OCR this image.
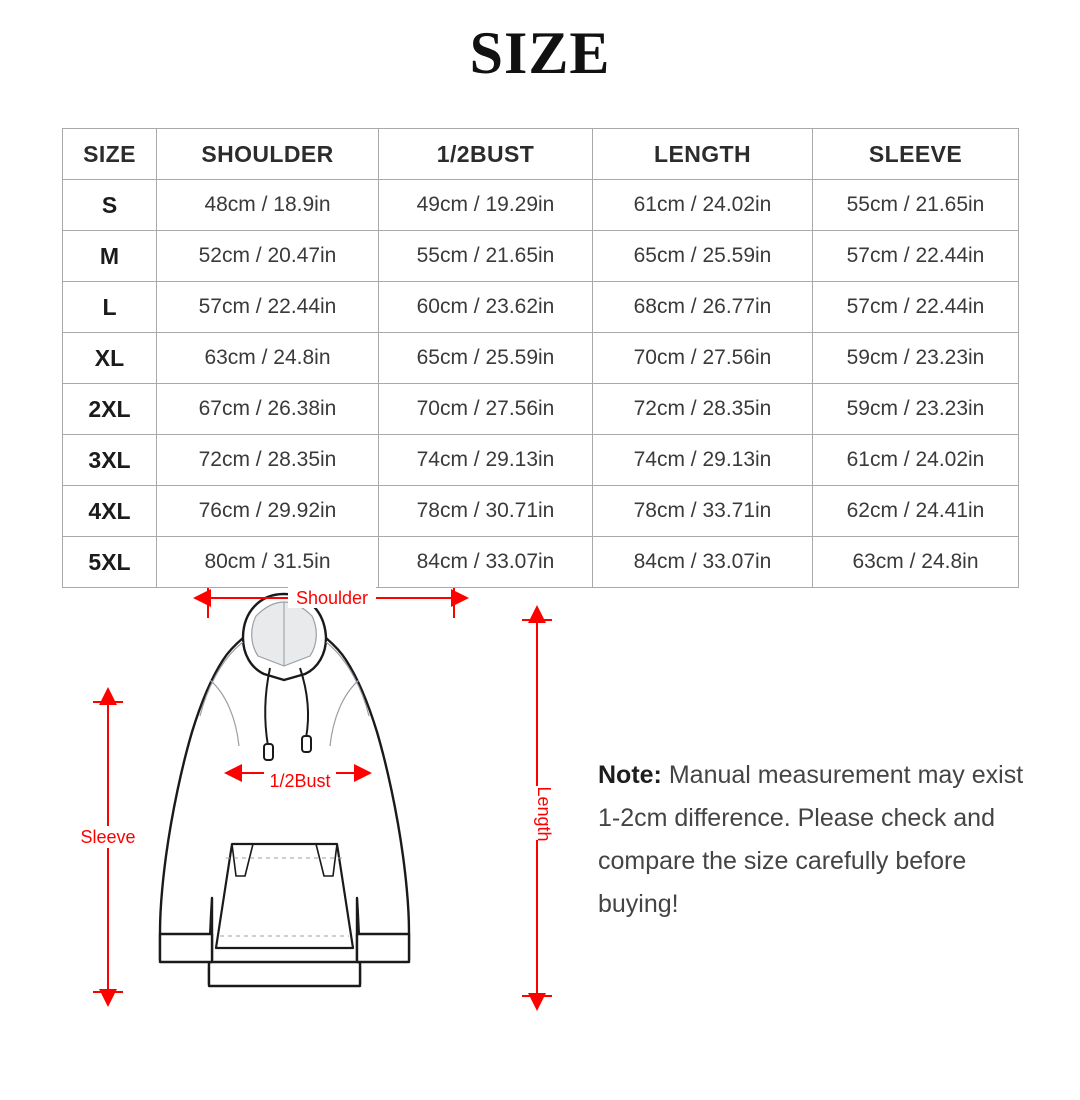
SIZE
SIZE	SHOULDER	1/2BUST	LENGTH	SLEEVE
S	48cm / 18.9in	49cm / 19.29in	61cm / 24.02in	55cm / 21.65in
M	52cm / 20.47in	55cm / 21.65in	65cm / 25.59in	57cm / 22.44in
L	57cm / 22.44in	60cm / 23.62in	68cm / 26.77in	57cm / 22.44in
XL	63cm / 24.8in	65cm / 25.59in	70cm / 27.56in	59cm / 23.23in
2XL	67cm / 26.38in	70cm / 27.56in	72cm / 28.35in	59cm / 23.23in
3XL	72cm / 28.35in	74cm / 29.13in	74cm / 29.13in	61cm / 24.02in
4XL	76cm / 29.92in	78cm / 30.71in	78cm / 33.71in	62cm / 24.41in
5XL	80cm / 31.5in	84cm / 33.07in	84cm / 33.07in	63cm / 24.8in
Shoulder
1/2Bust
Length
Sleeve
Note: Manual measurement may exist 1-2cm difference. Please check and compare the size carefully before buying!
